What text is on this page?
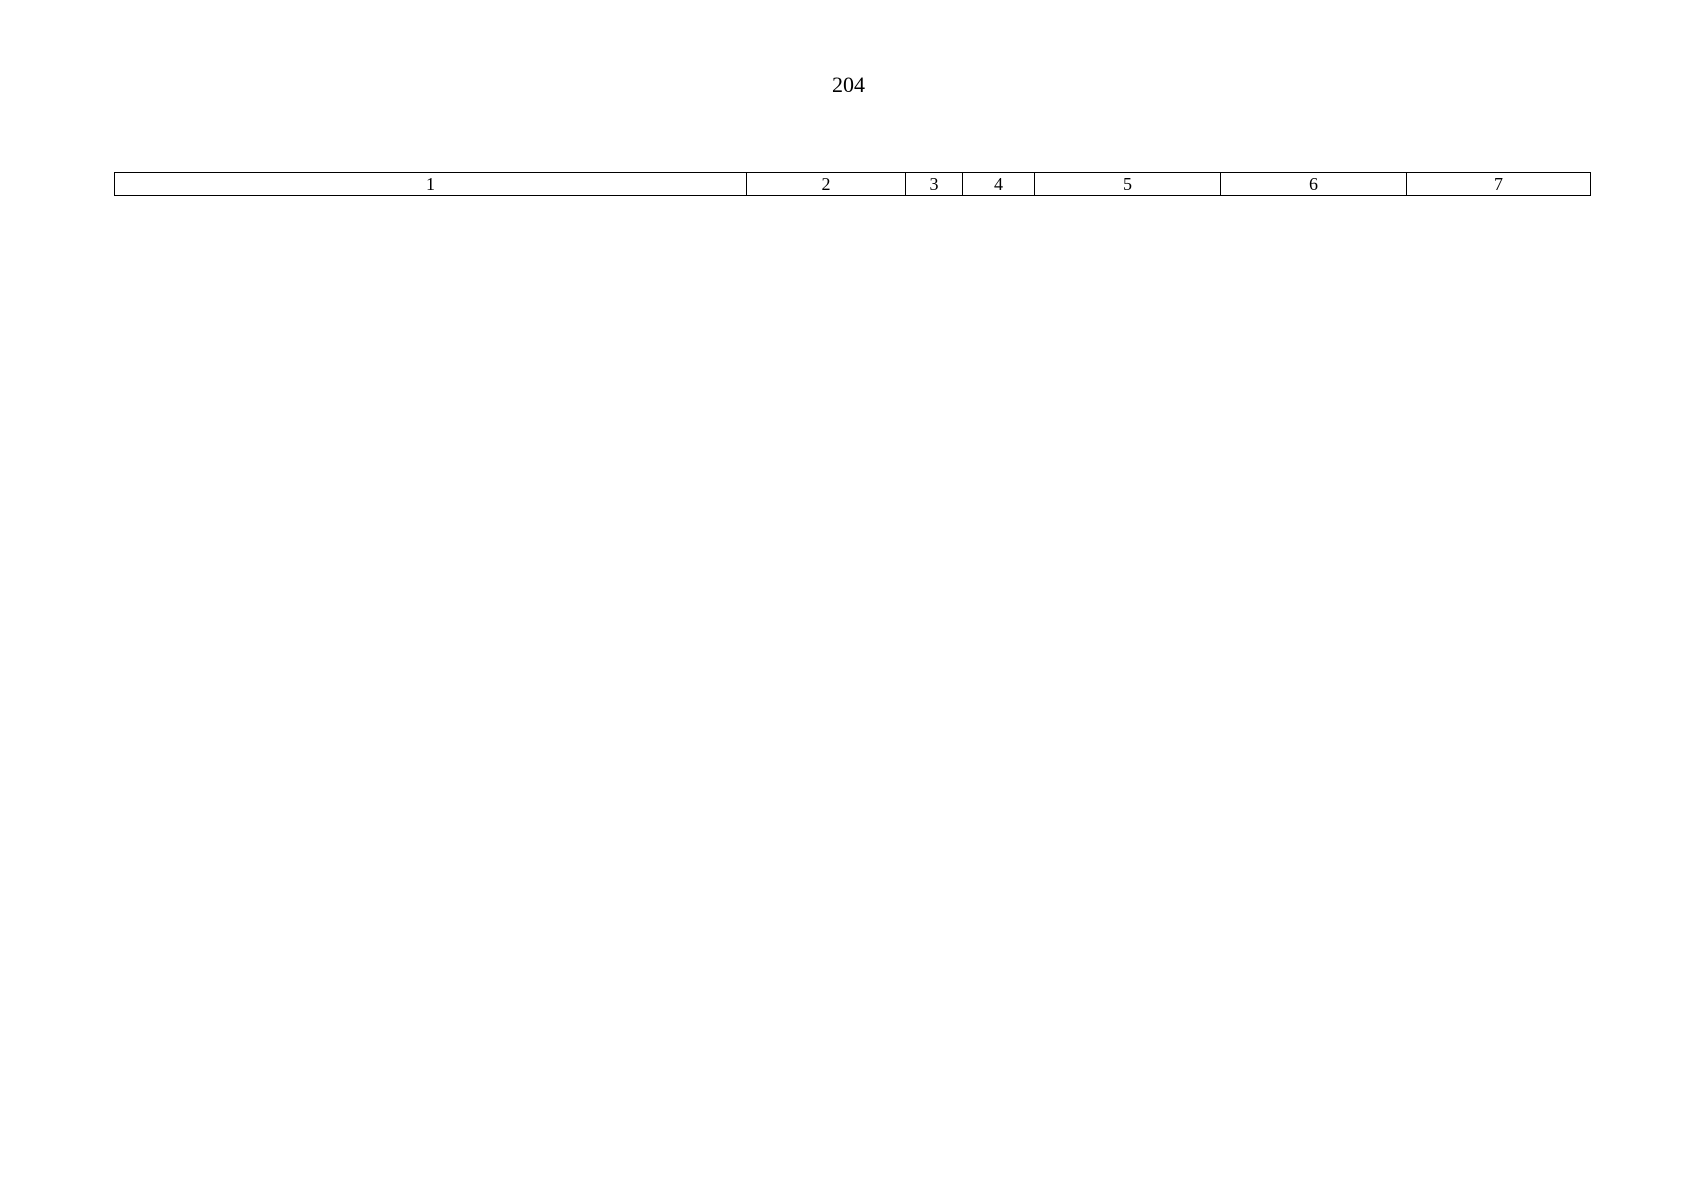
204
1	2	3	4	5	6	7
